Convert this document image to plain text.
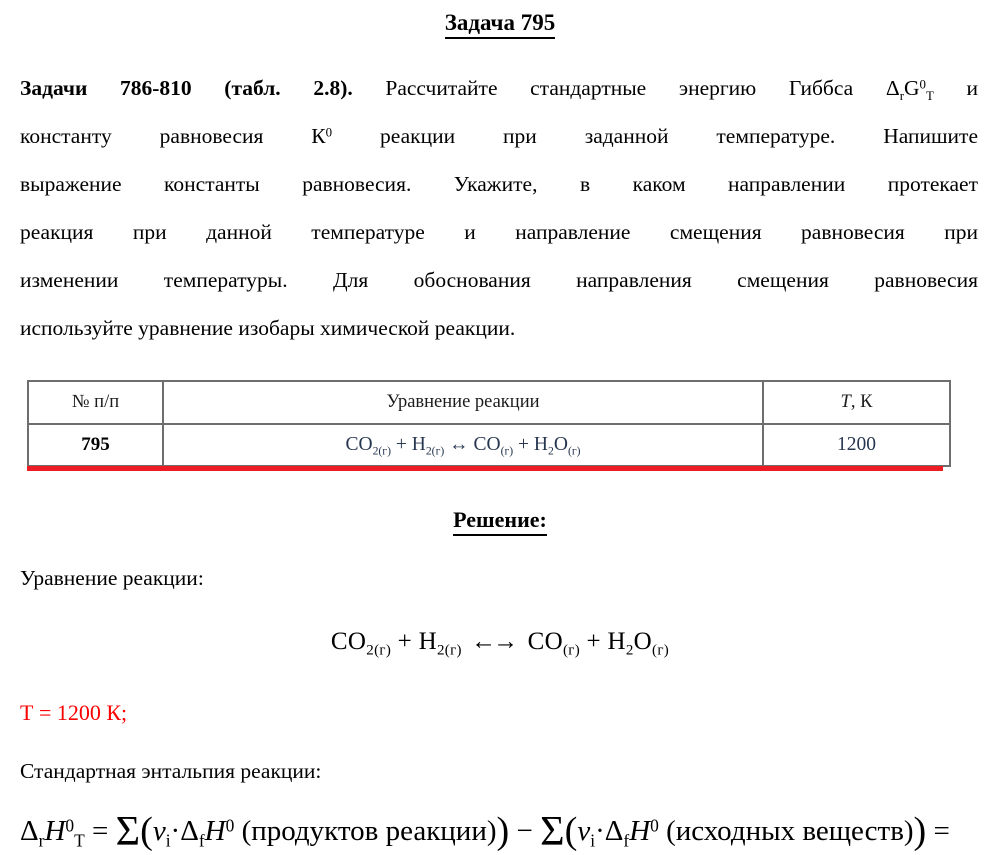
Задача 795
Задачи 786-810 (табл. 2.8). Рассчитайте стандартные энергию Гиббса $\Delta_rG^0_Т$ и
константу равновесия $К^0$ реакции при заданной температуре. Напишите
выражение константы равновесия. Укажите, в каком направлении протекает
реакция при данной температуре и направление смещения равновесия при
изменении температуры. Для обоснования направления смещения равновесия
используйте уравнение изобары химической реакции.
№ п/п	Уравнение реакции	T, К
795	$CO_{2(г)} + H_{2(г)}$ ↔ $CO_{(г)} + H_2O_{(г)}$	1200
Решение:
Уравнение реакции:
$CO_{2(г)} + H_{2(г)}$ ←→ $CO_{(г)} + H_2O_{(г)}$
Т = 1200 К;
Стандартная энтальпия реакции:
$\Delta_rH^0_Т = \Sigma(\nu_i\cdot\Delta_fH^0$ (продуктов реакции)) − $\Sigma(\nu_i\cdot\Delta_fH^0$ (исходных веществ)) =
